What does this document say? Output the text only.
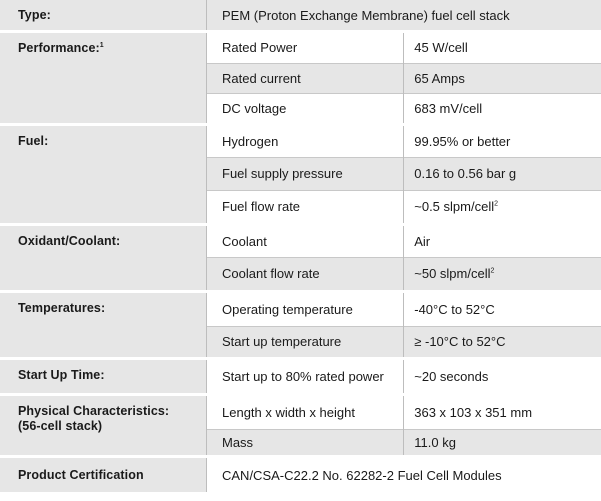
Type:	PEM (Proton Exchange Membrane) fuel cell stack	

Performance:$^1$	Rated Power	45 W/cell
	Rated current	65 Amps
	DC voltage	683 mV/cell

Fuel:	Hydrogen	99.95% or better
	Fuel supply pressure	0.16 to 0.56 bar g
	Fuel flow rate	~0.5 slpm/cell$^2$

Oxidant/Coolant:	Coolant	Air
	Coolant flow rate	~50 slpm/cell$^2$

Temperatures:	Operating temperature	-40°C to 52°C
	Start up temperature	≥ -10°C to 52°C

Start Up Time:	Start up to 80% rated power	~20 seconds

Physical Characteristics:
(56-cell stack)	Length x width x height	363 x 103 x 351 mm
	Mass	11.0 kg

Product Certification	CAN/CSA-C22.2 No. 62282-2 Fuel Cell Modules	
